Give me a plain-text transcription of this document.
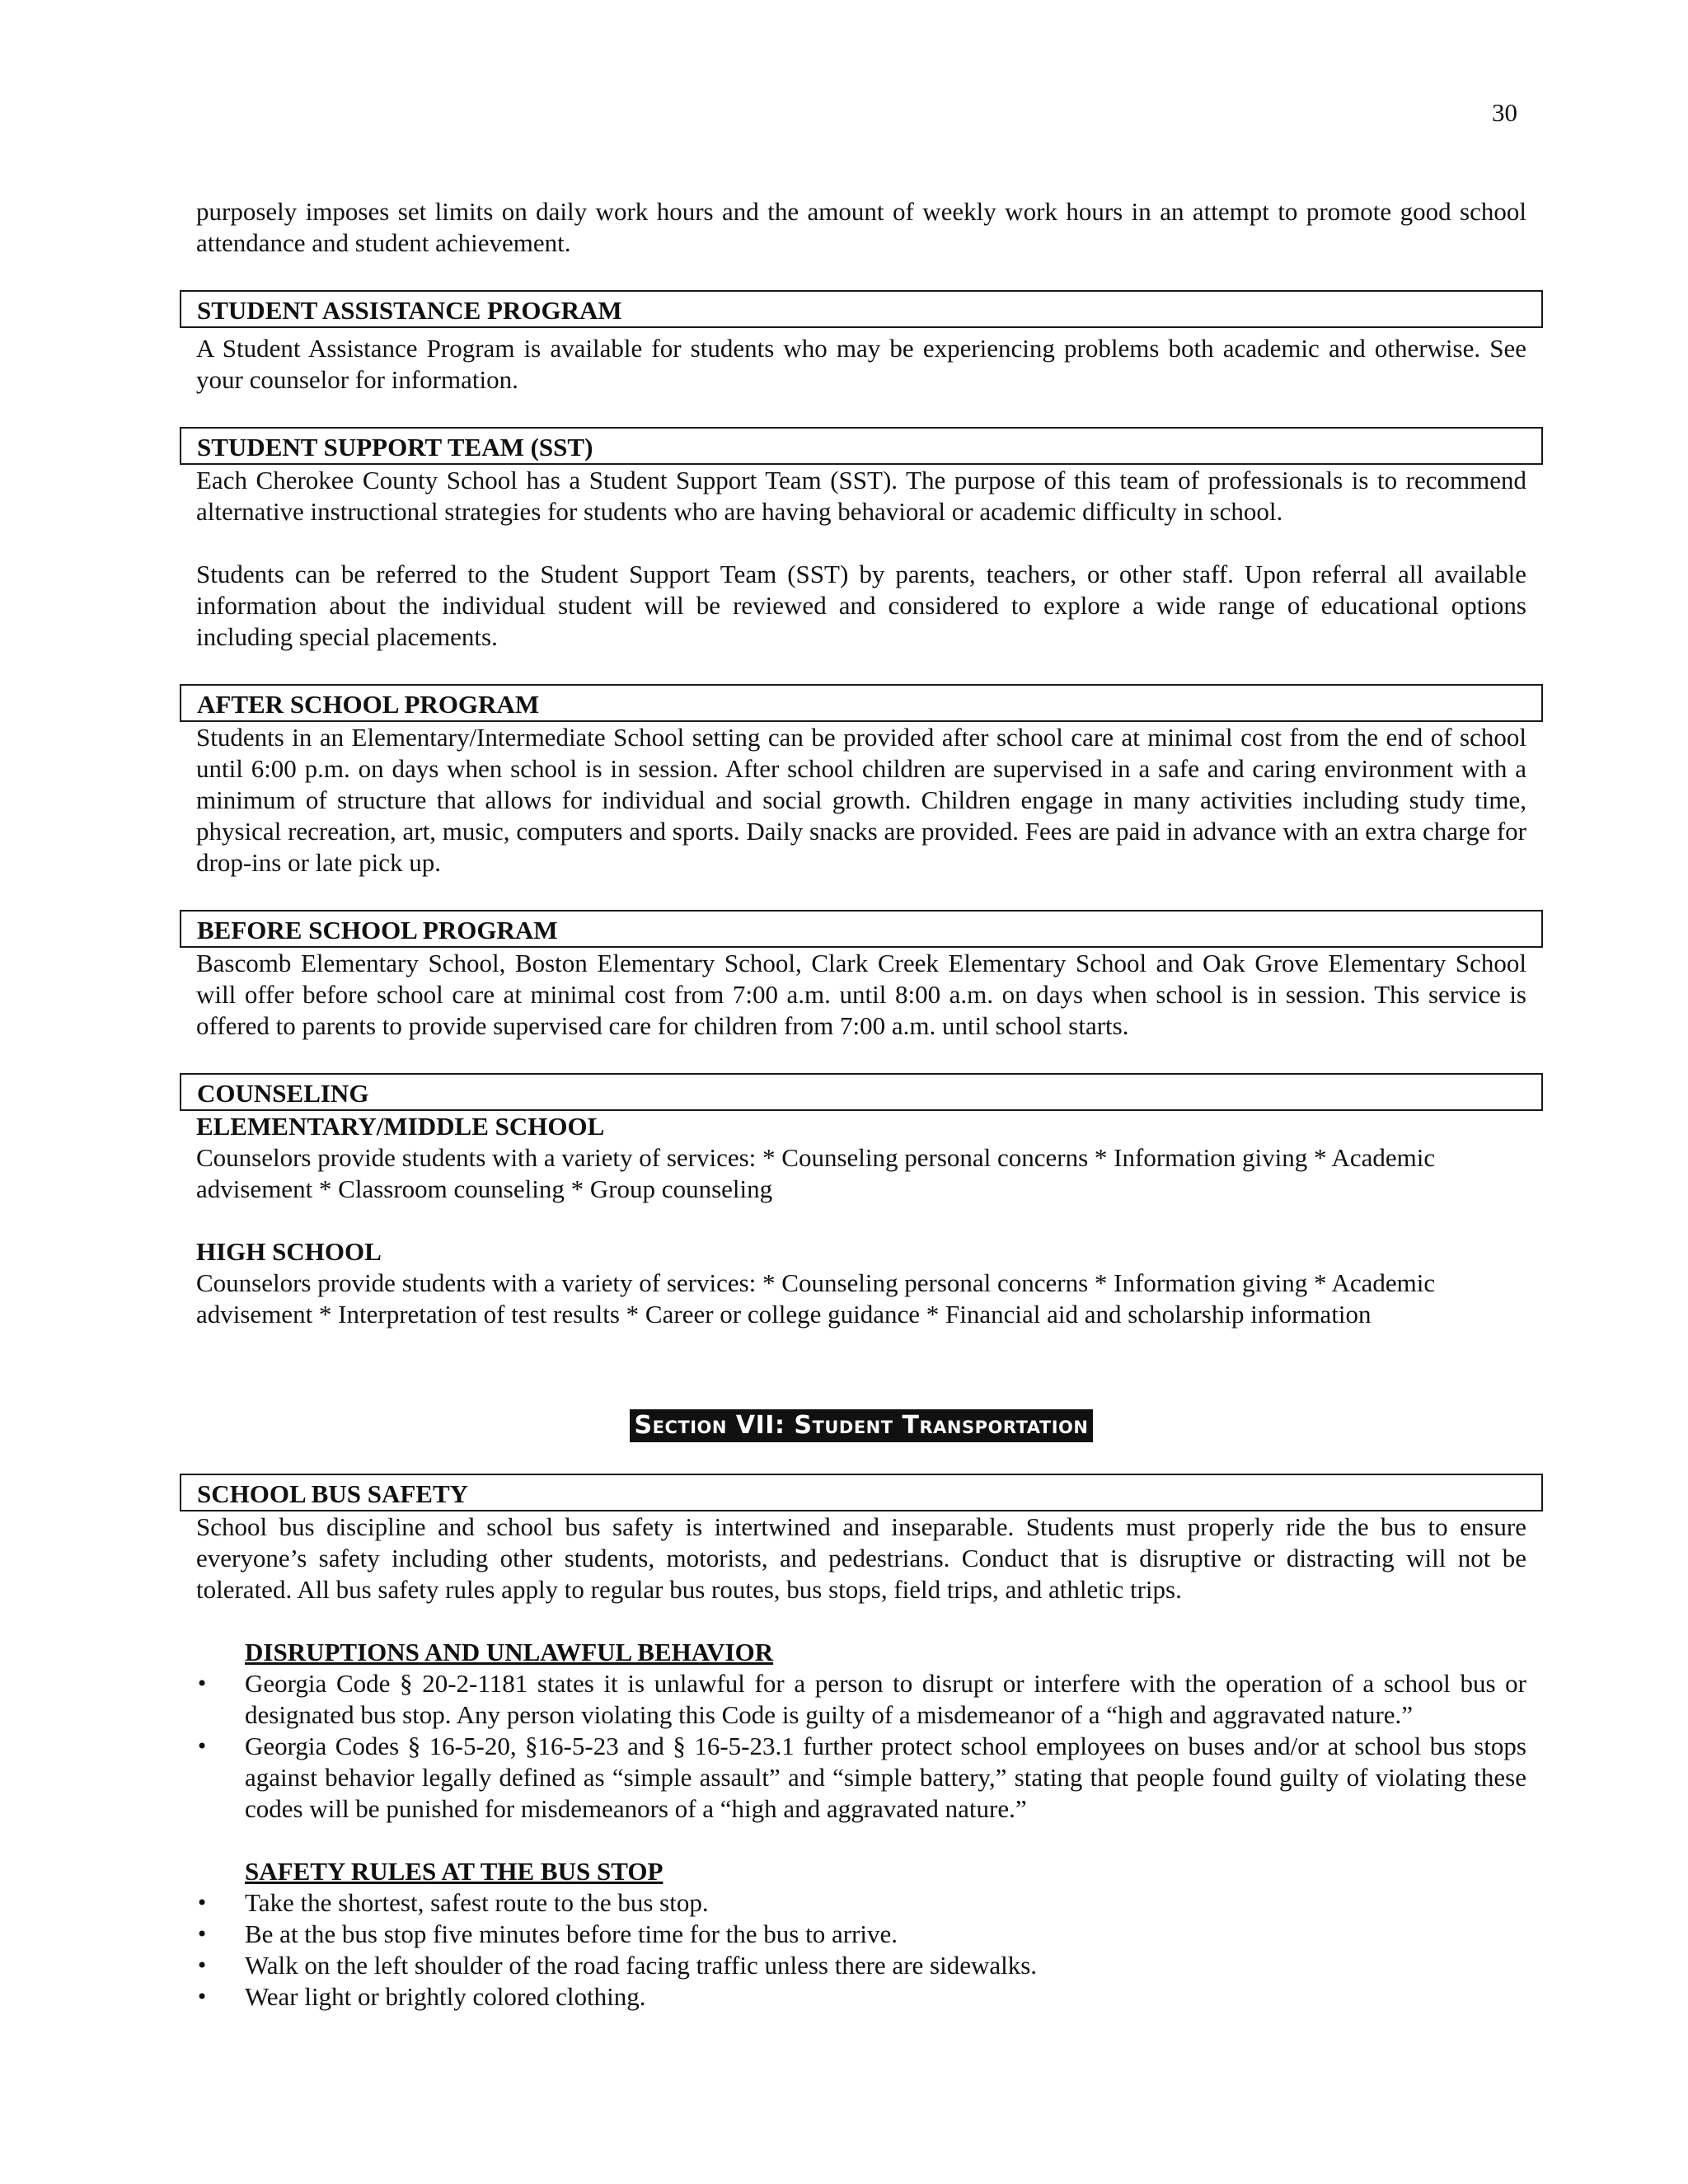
30

purposely imposes set limits on daily work hours and the amount of weekly work hours in an attempt to promote good school attendance and student achievement.

STUDENT ASSISTANCE PROGRAM

A Student Assistance Program is available for students who may be experiencing problems both academic and otherwise. See your counselor for information.

STUDENT SUPPORT TEAM (SST)

Each Cherokee County School has a Student Support Team (SST). The purpose of this team of professionals is to recommend alternative instructional strategies for students who are having behavioral or academic difficulty in school.

Students can be referred to the Student Support Team (SST) by parents, teachers, or other staff. Upon referral all available information about the individual student will be reviewed and considered to explore a wide range of educational options including special placements.

AFTER SCHOOL PROGRAM

Students in an Elementary/Intermediate School setting can be provided after school care at minimal cost from the end of school until 6:00 p.m. on days when school is in session. After school children are supervised in a safe and caring environment with a minimum of structure that allows for individual and social growth. Children engage in many activities including study time, physical recreation, art, music, computers and sports. Daily snacks are provided. Fees are paid in advance with an extra charge for drop-ins or late pick up.

BEFORE SCHOOL PROGRAM

Bascomb Elementary School, Boston Elementary School, Clark Creek Elementary School and Oak Grove Elementary School will offer before school care at minimal cost from 7:00 a.m. until 8:00 a.m. on days when school is in session. This service is offered to parents to provide supervised care for children from 7:00 a.m. until school starts.

COUNSELING

ELEMENTARY/MIDDLE SCHOOL

Counselors provide students with a variety of services: * Counseling personal concerns * Information giving * Academic advisement * Classroom counseling * Group counseling

HIGH SCHOOL

Counselors provide students with a variety of services: * Counseling personal concerns * Information giving * Academic advisement * Interpretation of test results * Career or college guidance * Financial aid and scholarship information

Section VII: Student Transportation
SCHOOL BUS SAFETY

School bus discipline and school bus safety is intertwined and inseparable. Students must properly ride the bus to ensure everyone’s safety including other students, motorists, and pedestrians. Conduct that is disruptive or distracting will not be tolerated. All bus safety rules apply to regular bus routes, bus stops, field trips, and athletic trips.

DISRUPTIONS AND UNLAWFUL BEHAVIOR

•	Georgia Code § 20-2-1181 states it is unlawful for a person to disrupt or interfere with the operation of a school bus or designated bus stop. Any person violating this Code is guilty of a misdemeanor of a “high and aggravated nature.”
•	Georgia Codes § 16-5-20, §16-5-23 and § 16-5-23.1 further protect school employees on buses and/or at school bus stops against behavior legally defined as “simple assault” and “simple battery,” stating that people found guilty of violating these codes will be punished for misdemeanors of a “high and aggravated nature.”

SAFETY RULES AT THE BUS STOP

•	Take the shortest, safest route to the bus stop.
•	Be at the bus stop five minutes before time for the bus to arrive.
•	Walk on the left shoulder of the road facing traffic unless there are sidewalks.
•	Wear light or brightly colored clothing.
